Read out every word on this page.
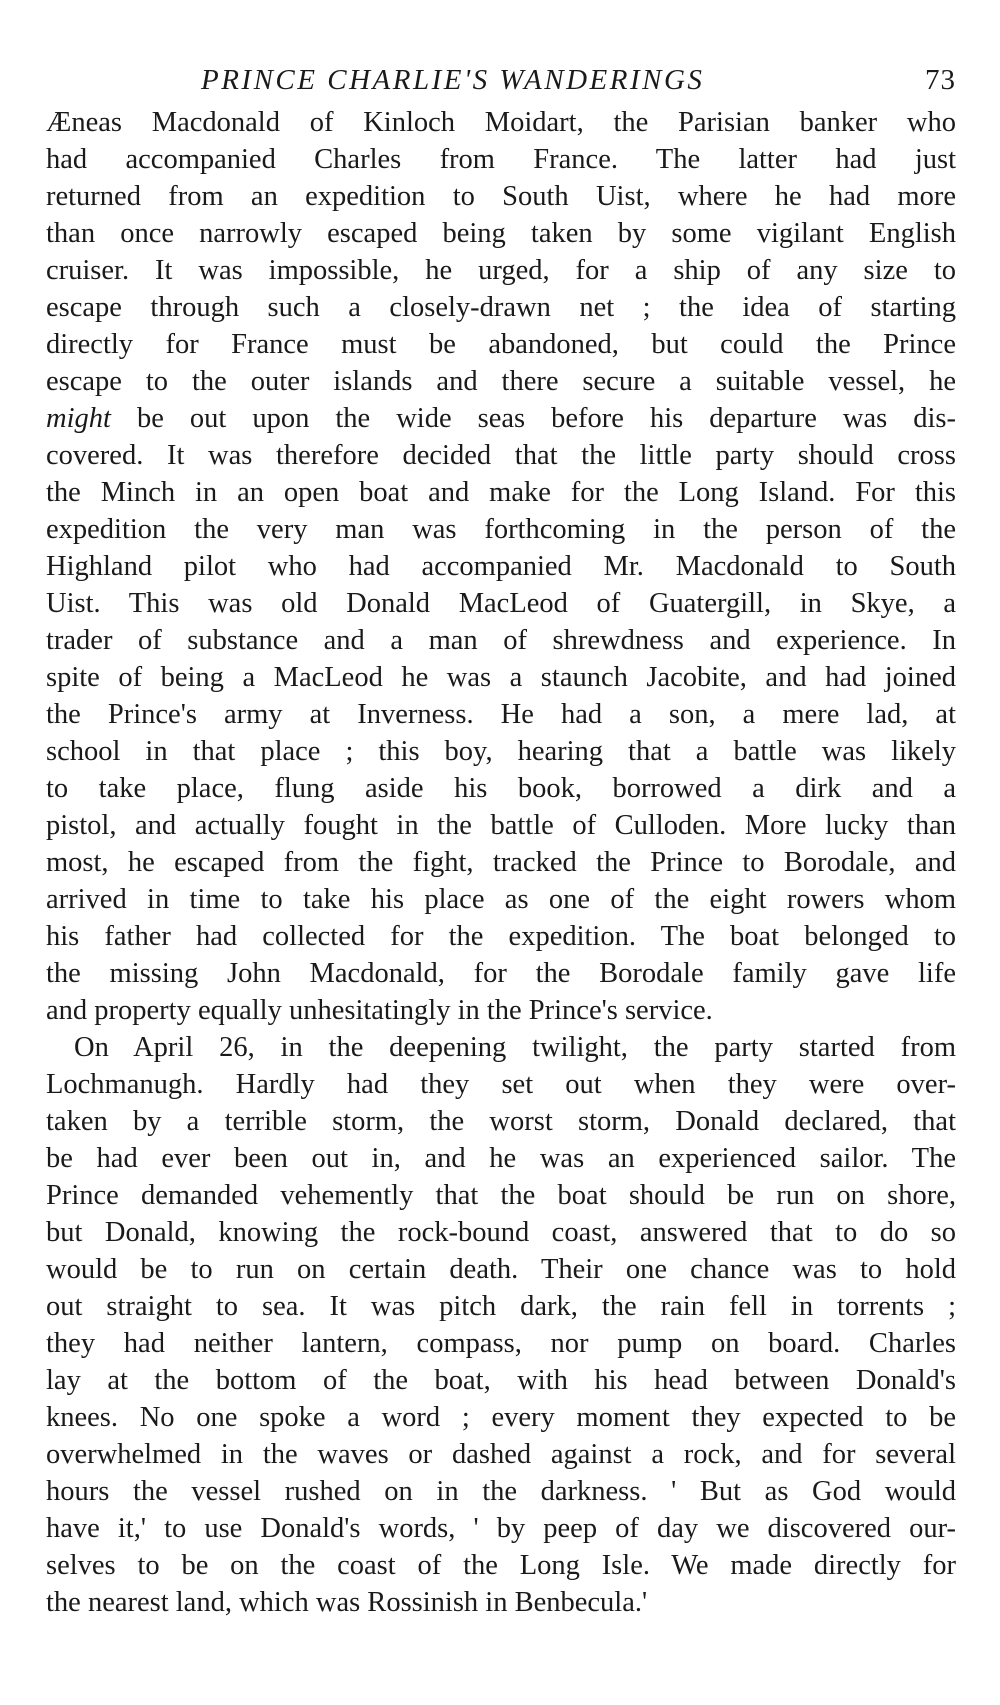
PRINCE CHARLIE'S WANDERINGS	73

Æneas Macdonald of Kinloch Moidart, the Parisian banker who
had accompanied Charles from France. The latter had just
returned from an expedition to South Uist, where he had more
than once narrowly escaped being taken by some vigilant English
cruiser. It was impossible, he urged, for a ship of any size to
escape through such a closely-drawn net ; the idea of starting
directly for France must be abandoned, but could the Prince
escape to the outer islands and there secure a suitable vessel, he
might be out upon the wide seas before his departure was dis-
covered. It was therefore decided that the little party should cross
the Minch in an open boat and make for the Long Island. For this
expedition the very man was forthcoming in the person of the
Highland pilot who had accompanied Mr. Macdonald to South
Uist. This was old Donald MacLeod of Guatergill, in Skye, a
trader of substance and a man of shrewdness and experience. In
spite of being a MacLeod he was a staunch Jacobite, and had joined
the Prince's army at Inverness. He had a son, a mere lad, at
school in that place ; this boy, hearing that a battle was likely
to take place, flung aside his book, borrowed a dirk and a
pistol, and actually fought in the battle of Culloden. More lucky than
most, he escaped from the fight, tracked the Prince to Borodale, and
arrived in time to take his place as one of the eight rowers whom
his father had collected for the expedition. The boat belonged to
the missing John Macdonald, for the Borodale family gave life
and property equally unhesitatingly in the Prince's service.

On April 26, in the deepening twilight, the party started from
Lochmanugh. Hardly had they set out when they were over-
taken by a terrible storm, the worst storm, Donald declared, that
be had ever been out in, and he was an experienced sailor. The
Prince demanded vehemently that the boat should be run on shore,
but Donald, knowing the rock-bound coast, answered that to do so
would be to run on certain death. Their one chance was to hold
out straight to sea. It was pitch dark, the rain fell in torrents ;
they had neither lantern, compass, nor pump on board. Charles
lay at the bottom of the boat, with his head between Donald's
knees. No one spoke a word ; every moment they expected to be
overwhelmed in the waves or dashed against a rock, and for several
hours the vessel rushed on in the darkness. ' But as God would
have it,' to use Donald's words, ' by peep of day we discovered our-
selves to be on the coast of the Long Isle. We made directly for
the nearest land, which was Rossinish in Benbecula.'
